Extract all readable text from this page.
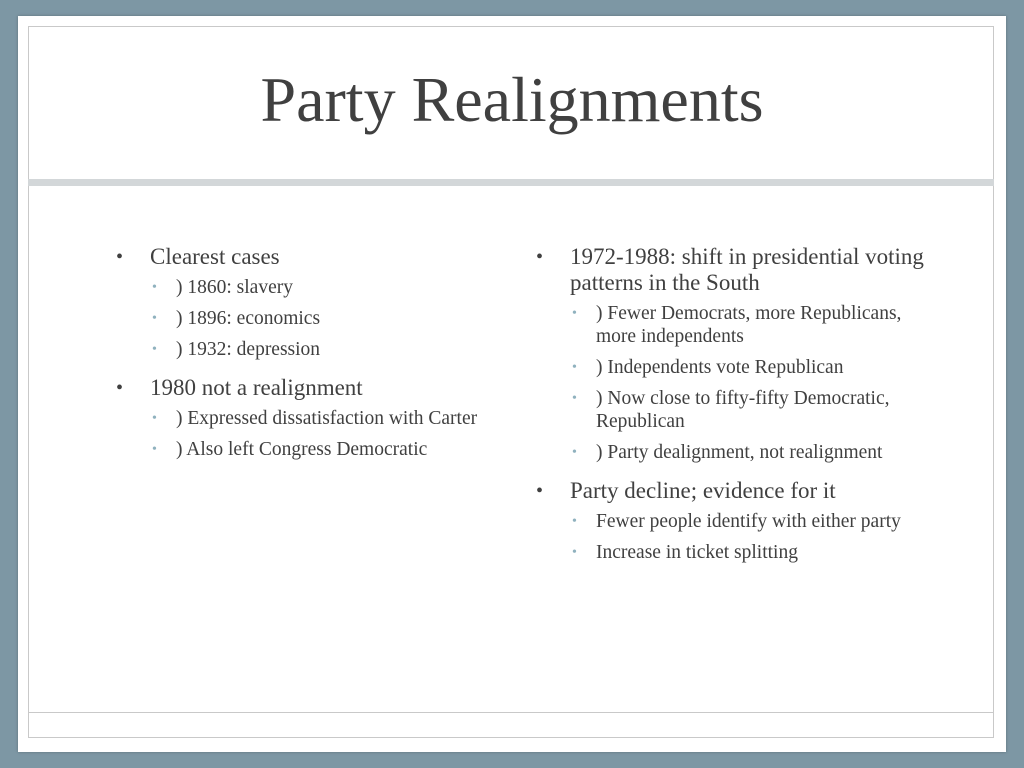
Party Realignments
• Clearest cases
• ) 1860: slavery
• ) 1896: economics
• ) 1932: depression
• 1980 not a realignment
• ) Expressed dissatisfaction with Carter
• ) Also left Congress Democratic
• 1972-1988: shift in presidential voting patterns in the South
• ) Fewer Democrats, more Republicans, more independents
• ) Independents vote Republican
• ) Now close to fifty-fifty Democratic, Republican
• ) Party dealignment, not realignment
• Party decline; evidence for it
• Fewer people identify with either party
• Increase in ticket splitting
